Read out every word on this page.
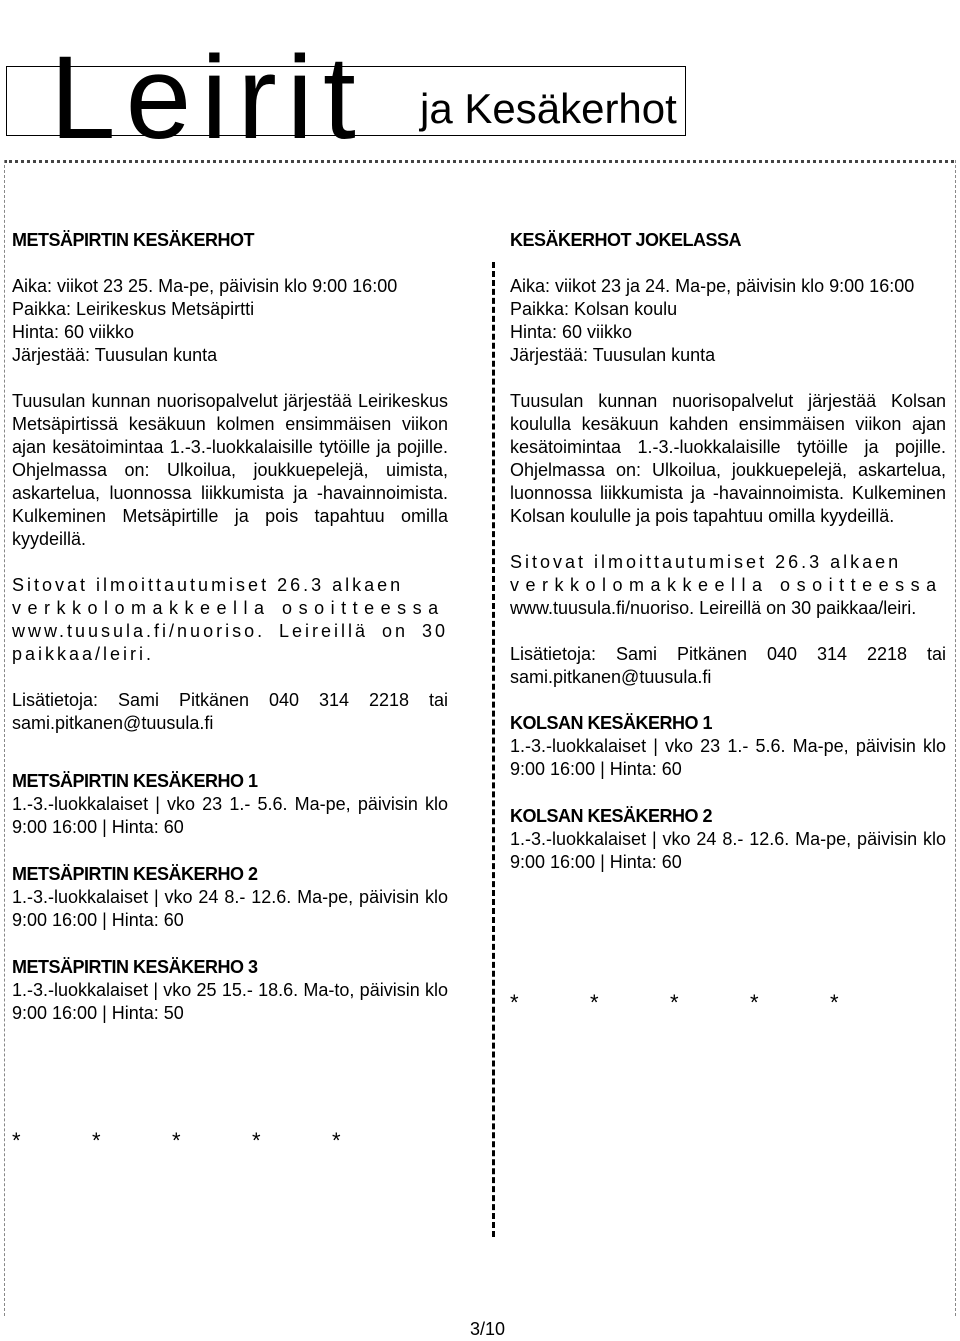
Leirit ja Kesäkerhot

METSÄPIRTIN KESÄKERHOT

Aika: viikot 23 25. Ma-pe, päivisin klo 9:00 16:00

Paikka: Leirikeskus Metsäpirtti

Hinta: 60 viikko

Järjestää: Tuusulan kunta

Tuusulan kunnan nuorisopalvelut järjestää Leirikeskus Metsäpirtissä kesäkuun kolmen ensimmäisen viikon ajan kesätoimintaa 1.-3.-luokkalaisille tytöille ja pojille. Ohjelmassa on: Ulkoilua, joukkuepelejä, uimista, askartelua, luonnossa liikkumista ja -havainnoimista. Kulkeminen Metsäpirtille ja pois tapahtuu omilla kyydeillä.

Sitovat ilmoittautumiset 26.3 alkaen

verkkolomakkeella osoitteessa

www.tuusula.fi/nuoriso. Leireillä on 30 paikkaa/leiri.

Lisätietoja: Sami Pitkänen 040 314 2218 tai sami.pitkanen@tuusula.fi

METSÄPIRTIN KESÄKERHO 1

1.-3.-luokkalaiset | vko 23 1.- 5.6. Ma-pe, päivisin klo 9:00 16:00 | Hinta: 60

METSÄPIRTIN KESÄKERHO 2

1.-3.-luokkalaiset | vko 24 8.- 12.6. Ma-pe, päivisin klo 9:00 16:00 | Hinta: 60

METSÄPIRTIN KESÄKERHO 3

1.-3.-luokkalaiset | vko 25 15.- 18.6. Ma-to, päivisin klo 9:00 16:00 | Hinta: 50

*	*	*	*	*

KESÄKERHOT JOKELASSA

Aika: viikot 23 ja 24. Ma-pe, päivisin klo 9:00 16:00

Paikka: Kolsan koulu

Hinta: 60 viikko

Järjestää: Tuusulan kunta

Tuusulan kunnan nuorisopalvelut järjestää Kolsan koululla kesäkuun kahden ensimmäisen viikon ajan kesätoimintaa 1.-3.-luokkalaisille tytöille ja pojille. Ohjelmassa on: Ulkoilua, joukkuepelejä, askartelua, luonnossa liikkumista ja -havainnoimista. Kulkeminen Kolsan koululle ja pois tapahtuu omilla kyydeillä.

Sitovat ilmoittautumiset 26.3 alkaen

verkkolomakkeella osoitteessa

www.tuusula.fi/nuoriso. Leireillä on 30 paikkaa/leiri.

Lisätietoja: Sami Pitkänen 040 314 2218 tai sami.pitkanen@tuusula.fi

KOLSAN KESÄKERHO 1

1.-3.-luokkalaiset | vko 23 1.- 5.6. Ma-pe, päivisin klo 9:00 16:00 | Hinta: 60

KOLSAN KESÄKERHO 2

1.-3.-luokkalaiset | vko 24 8.- 12.6. Ma-pe, päivisin klo 9:00 16:00 | Hinta: 60

*	*	*	*	*
3/10
